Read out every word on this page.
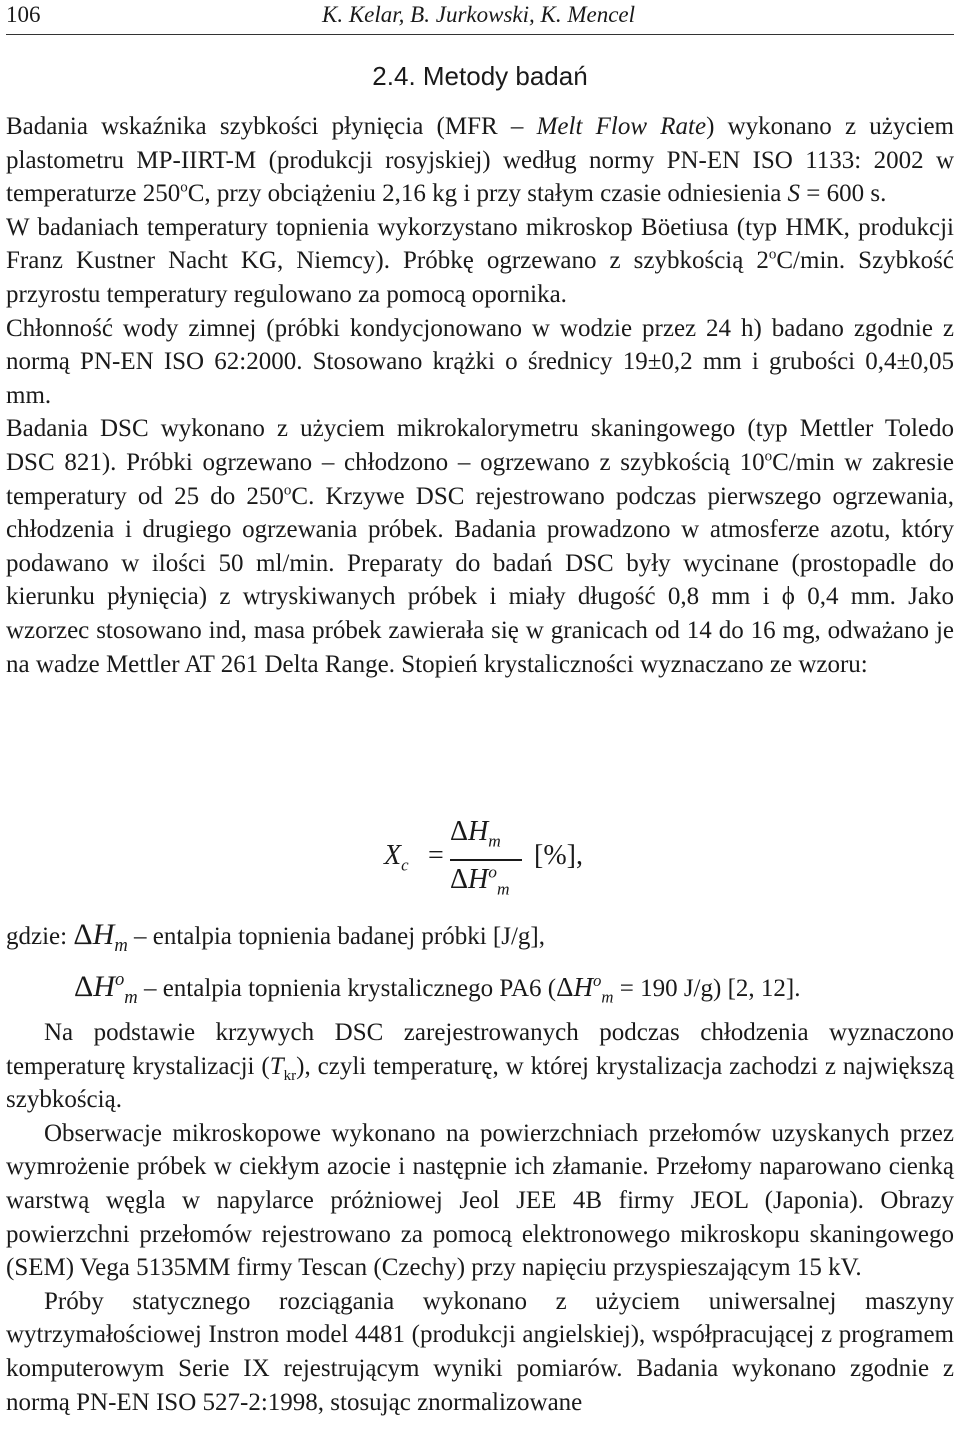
106	K. Kelar, B. Jurkowski, K. Mencel
2.4. Metody badań

Badania wskaźnika szybkości płynięcia (MFR – Melt Flow Rate) wykonano z użyciem plastometru MP-IIRT-M (produkcji rosyjskiej) według normy PN-EN ISO 1133: 2002 w temperaturze 250$^o$C, przy obciążeniu 2,16 kg i przy stałym czasie odniesienia S = 600 s.

W badaniach temperatury topnienia wykorzystano mikroskop Böetiusa (typ HMK, produkcji Franz Kustner Nacht KG, Niemcy). Próbkę ogrzewano z szybkością 2$^o$C/min. Szybkość przyrostu temperatury regulowano za pomocą opornika.

Chłonność wody zimnej (próbki kondycjonowano w wodzie przez 24 h) badano zgodnie z normą PN-EN ISO 62:2000. Stosowano krążki o średnicy 19±0,2 mm i grubości 0,4±0,05 mm.

Badania DSC wykonano z użyciem mikrokalorymetru skaningowego (typ Mettler Toledo DSC 821). Próbki ogrzewano – chłodzono – ogrzewano z szybkością 10$^o$C/min w zakresie temperatury od 25 do 250$^o$C. Krzywe DSC rejestrowano podczas pierwszego ogrzewania, chłodzenia i drugiego ogrzewania próbek. Badania prowadzono w atmosferze azotu, który podawano w ilości 50 ml/min. Preparaty do badań DSC były wycinane (prostopadle do kierunku płynięcia) z wtryskiwanych próbek i miały długość 0,8 mm i ϕ 0,4 mm. Jako wzorzec stosowano ind, masa próbek zawierała się w granicach od 14 do 16 mg, odważano je na wadze Mettler AT 261 Delta Range. Stopień krystaliczności wyznaczano ze wzoru:

$X_c$ =
$\Delta H_m$
$\Delta H^o_m$
[%],
gdzie: $\Delta H_m$ – entalpia topnienia badanej próbki [J/g],
$\Delta H^o_m$ – entalpia topnienia krystalicznego PA6 ($\Delta H^o_m = 190$ J/g) [2, 12].

Na podstawie krzywych DSC zarejestrowanych podczas chłodzenia wyznaczono temperaturę krystalizacji $(T_{kr})$, czyli temperaturę, w której krystalizacja zachodzi z największą szybkością.

Obserwacje mikroskopowe wykonano na powierzchniach przełomów uzyskanych przez wymrożenie próbek w ciekłym azocie i następnie ich złamanie. Przełomy naparowano cienką warstwą węgla w napylarce próżniowej Jeol JEE 4B firmy JEOL (Japonia). Obrazy powierzchni przełomów rejestrowano za pomocą elektronowego mikroskopu skaningowego (SEM) Vega 5135MM firmy Tescan (Czechy) przy napięciu przyspieszającym 15 kV.

Próby statycznego rozciągania wykonano z użyciem uniwersalnej maszyny wytrzymałościowej Instron model 4481 (produkcji angielskiej), współpracującej z programem komputerowym Serie IX rejestrującym wyniki pomiarów. Badania wykonano zgodnie z normą PN-EN ISO 527-2:1998, stosując znormalizowane
